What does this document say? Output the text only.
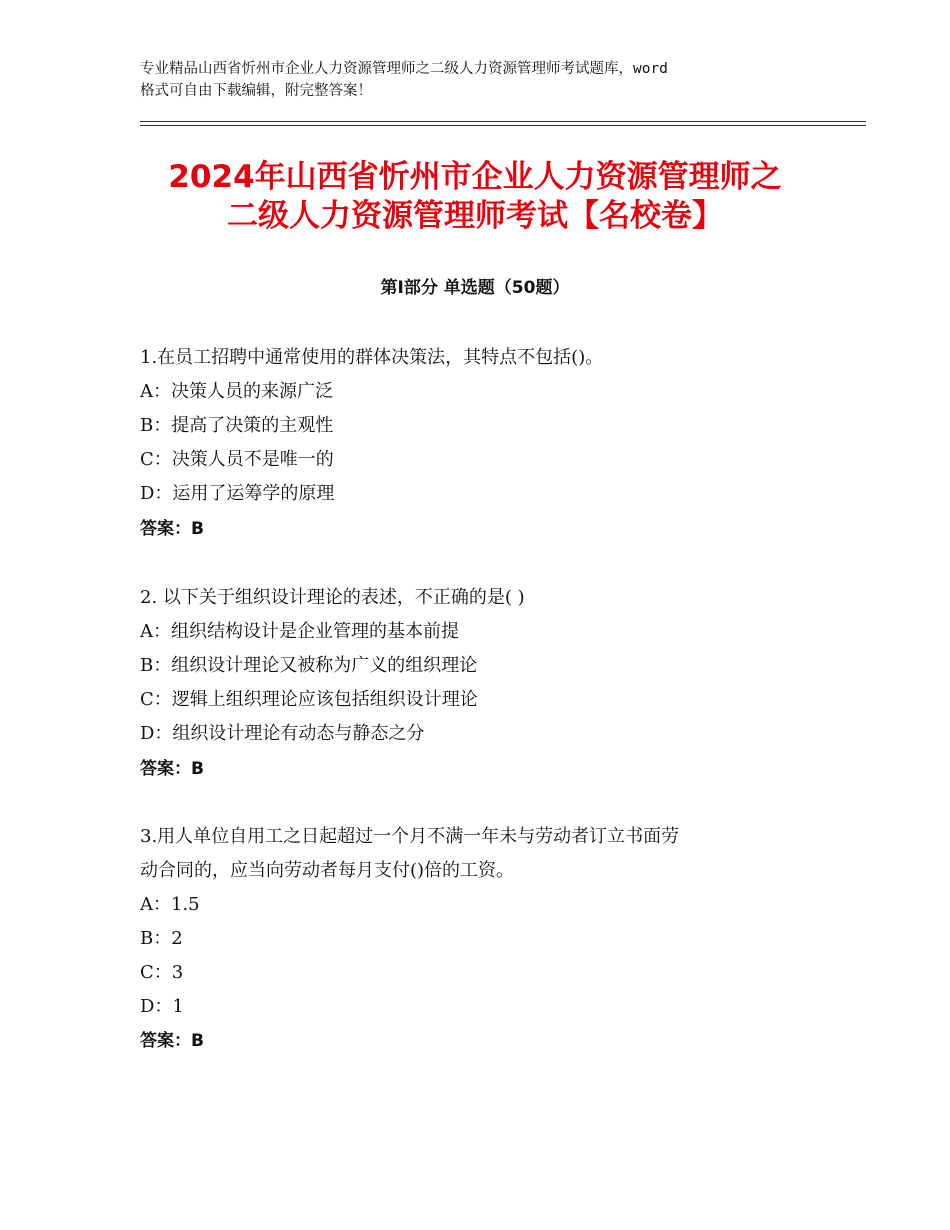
专业精品山西省忻州市企业人力资源管理师之二级人力资源管理师考试题库，word
格式可自由下载编辑，附完整答案！
2024年山西省忻州市企业人力资源管理师之
二级人力资源管理师考试【名校卷】
第Ⅰ部分 单选题（50题）
1.在员工招聘中通常使用的群体决策法，其特点不包括()。
A：决策人员的来源广泛
B：提高了决策的主观性
C：决策人员不是唯一的
D：运用了运筹学的原理
答案：B
2. 以下关于组织设计理论的表述，不正确的是( )
A：组织结构设计是企业管理的基本前提
B：组织设计理论又被称为广义的组织理论
C：逻辑上组织理论应该包括组织设计理论
D：组织设计理论有动态与静态之分
答案：B
3.用人单位自用工之日起超过一个月不满一年未与劳动者订立书面劳
动合同的，应当向劳动者每月支付()倍的工资。
A：1.5
B：2
C：3
D：1
答案：B
